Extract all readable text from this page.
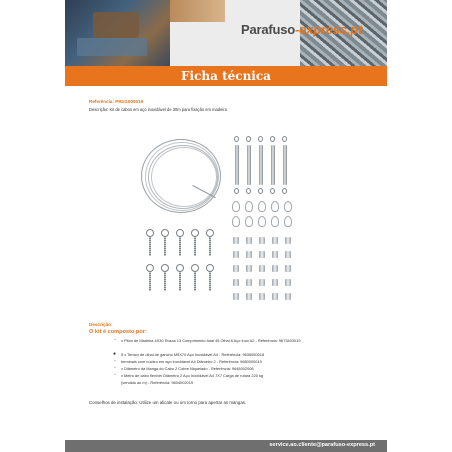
Parafuso-express.pt
Ficha técnica
Referência: PR1G000019
Descrição: Kit de cabos em aço inoxidável de 30m para fixação em madeira
Descrição:
O kit é composto por:
◦ x Piton de Madeira 4X30 Rosca 13 Comprimento total 45 Olhal 8 Aço Inox A2 - Referência: 9673403019
● 5 x Tensor de olhal de gancho M5X70 Aço Inoxidável A4 - Referência: 9635050018
◦ terminais com núcleo em aço inoxidável A4 Diâmetro 2 - Referência: 9680000019
◦ x Diâmetro da Manga do Cabo 2 Cobre Niquelado - Referência: 9648002008
◦ x Metro de cabo flexível Diâmetro 2 Aço Inoxidável A4 7X7 Carga de rutura 220 kg
(vendido ao m) - Referência: 9804002019
Conselhos de instalação: Utilize um alicate ou um torno para apertar as mangas.
service.ao.cliente@parafuso-express.pt
